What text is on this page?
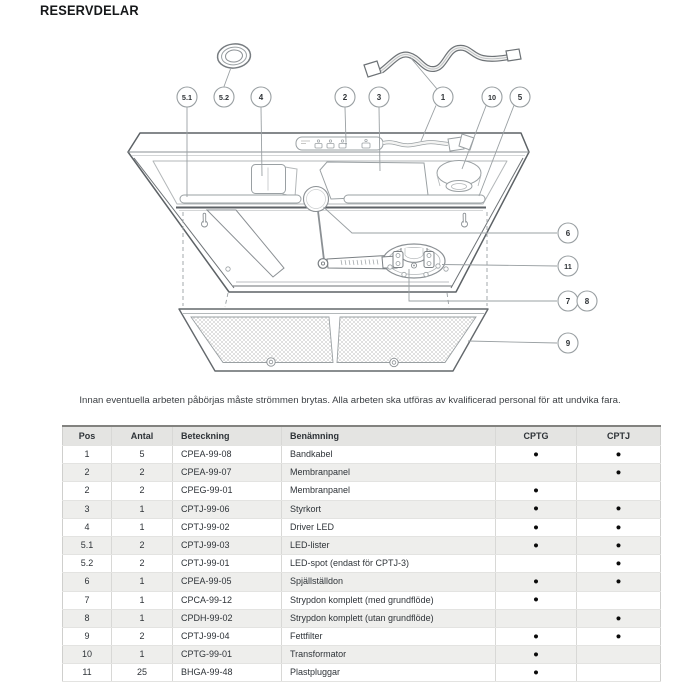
RESERVDELAR
5.1	5.2	4	2	3	1	10	5
6
11
7 8
9
Innan eventuella arbeten påbörjas måste strömmen brytas. Alla arbeten ska utföras av kvalificerad personal för att undvika fara.
Pos	Antal	Beteckning	Benämning	CPTG	CPTJ
1	5	CPEA-99-08	Bandkabel	●	●
2	2	CPEA-99-07	Membranpanel		●
2	2	CPEG-99-01	Membranpanel	●	
3	1	CPTJ-99-06	Styrkort	●	●
4	1	CPTJ-99-02	Driver LED	●	●
5.1	2	CPTJ-99-03	LED-lister	●	●
5.2	2	CPTJ-99-01	LED-spot (endast för CPTJ-3)		●
6	1	CPEA-99-05	Spjällställdon	●	●
7	1	CPCA-99-12	Strypdon komplett (med grundflöde)	●	
8	1	CPDH-99-02	Strypdon komplett (utan grundflöde)		●
9	2	CPTJ-99-04	Fettfilter	●	●
10	1	CPTG-99-01	Transformator	●	
11	25	BHGA-99-48	Plastpluggar	●	
